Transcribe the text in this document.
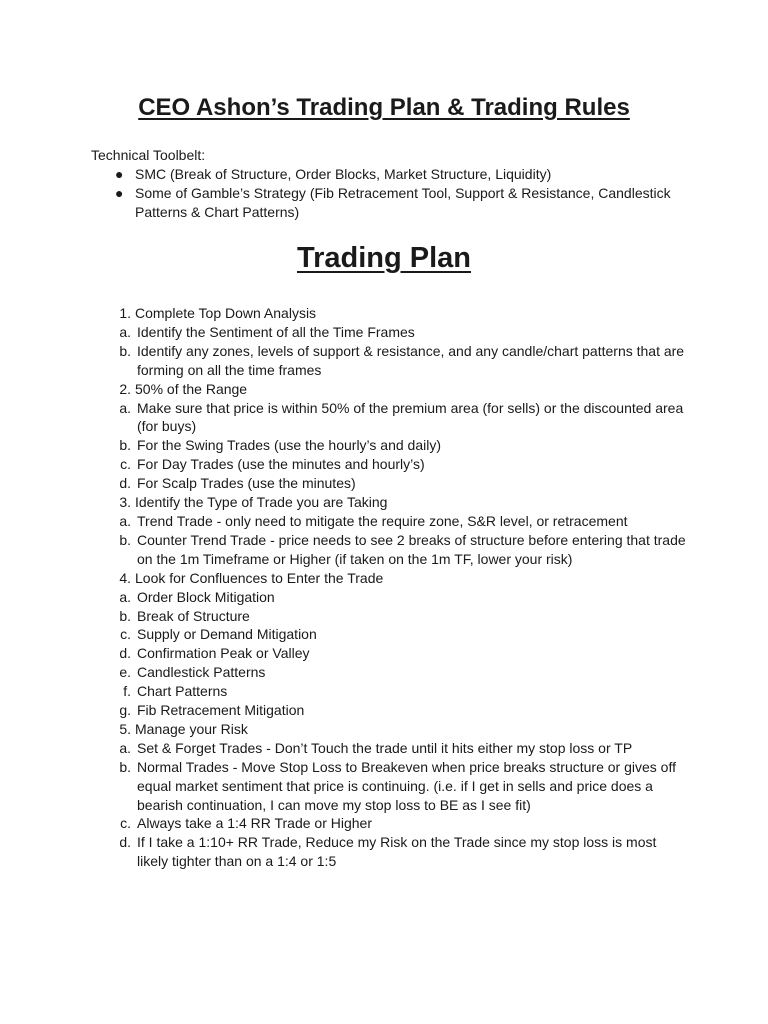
CEO Ashon’s Trading Plan & Trading Rules
Technical Toolbelt:
● SMC (Break of Structure, Order Blocks, Market Structure, Liquidity)
● Some of Gamble’s Strategy (Fib Retracement Tool, Support & Resistance, Candlestick Patterns & Chart Patterns)
Trading Plan
1. Complete Top Down Analysis
a. Identify the Sentiment of all the Time Frames
b. Identify any zones, levels of support & resistance, and any candle/chart patterns that are forming on all the time frames
2. 50% of the Range
a. Make sure that price is within 50% of the premium area (for sells) or the discounted area (for buys)
b. For the Swing Trades (use the hourly’s and daily)
c. For Day Trades (use the minutes and hourly’s)
d. For Scalp Trades (use the minutes)
3. Identify the Type of Trade you are Taking
a. Trend Trade - only need to mitigate the require zone, S&R level, or retracement
b. Counter Trend Trade - price needs to see 2 breaks of structure before entering that trade on the 1m Timeframe or Higher (if taken on the 1m TF, lower your risk)
4. Look for Confluences to Enter the Trade
a. Order Block Mitigation
b. Break of Structure
c. Supply or Demand Mitigation
d. Confirmation Peak or Valley
e. Candlestick Patterns
f. Chart Patterns
g. Fib Retracement Mitigation
5. Manage your Risk
a. Set & Forget Trades - Don’t Touch the trade until it hits either my stop loss or TP
b. Normal Trades - Move Stop Loss to Breakeven when price breaks structure or gives off equal market sentiment that price is continuing. (i.e. if I get in sells and price does a bearish continuation, I can move my stop loss to BE as I see fit)
c. Always take a 1:4 RR Trade or Higher
d. If I take a 1:10+ RR Trade, Reduce my Risk on the Trade since my stop loss is most likely tighter than on a 1:4 or 1:5
